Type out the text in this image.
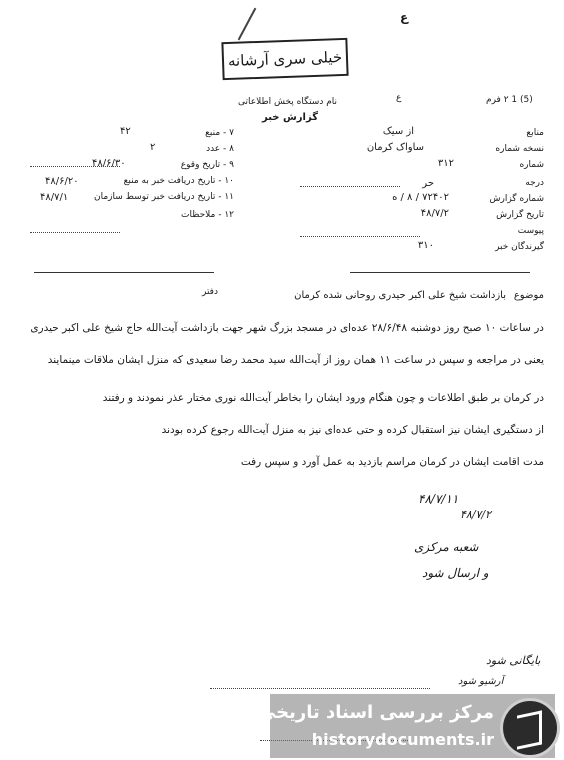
ع
خیلی سری آرشانه
(5) 1 ۲ فرم
ع
نام دستگاه پخش اطلاعاتی
گزارش خبر
منابع
از سیک
نسخه شماره
ساواک کرمان
شماره
۳۱۲
درجه
حر
شماره گزارش
۷۲۴۰۲ / ۸ / ه
تاریخ گزارش
۴۸/۷/۲
پیوست
گیرندگان خبر
۳۱۰
۷ - منبع
۴۲
۸ - عدد
۲
۹ - تاریخ وقوع
۴۸/۶/۳۰
۱۰ - تاریخ دریافت خبر به منبع
۴۸/۶/۲۰
۱۱ - تاریخ دریافت خبر توسط سازمان
۴۸/۷/۱
۱۲ - ملاحظات
موضوع
بازداشت شیخ علی اکبر حیدری روحانی شده کرمان
دفتر
در ساعات ۱۰ صبح روز دوشنبه ۲۸/۶/۴۸ عده‌ای در مسجد بزرگ شهر جهت بازداشت آیت‌الله حاج شیخ علی اکبر حیدری
یعنی در مراجعه و سپس در ساعت ۱۱ همان روز از آیت‌الله سید محمد رضا سعیدی که منزل ایشان ملاقات مینمایند
در کرمان بر طبق اطلاعات و چون هنگام ورود ایشان را بخاطر آیت‌الله نوری مختار عذر نمودند و رفتند
از دستگیری ایشان نیز استقبال کرده و حتی عده‌ای نیز به منزل آیت‌الله رجوع کرده بودند
مدت اقامت ایشان در کرمان مراسم بازدید به عمل آورد و سپس رفت
۴۸/۷/۱۱
۴۸/۷/۲
شعبه مرکزی
و ارسال شود
بایگانی شود
آرشیو شود
مرکز بررسی اسناد تاریخی
historydocuments.ir
